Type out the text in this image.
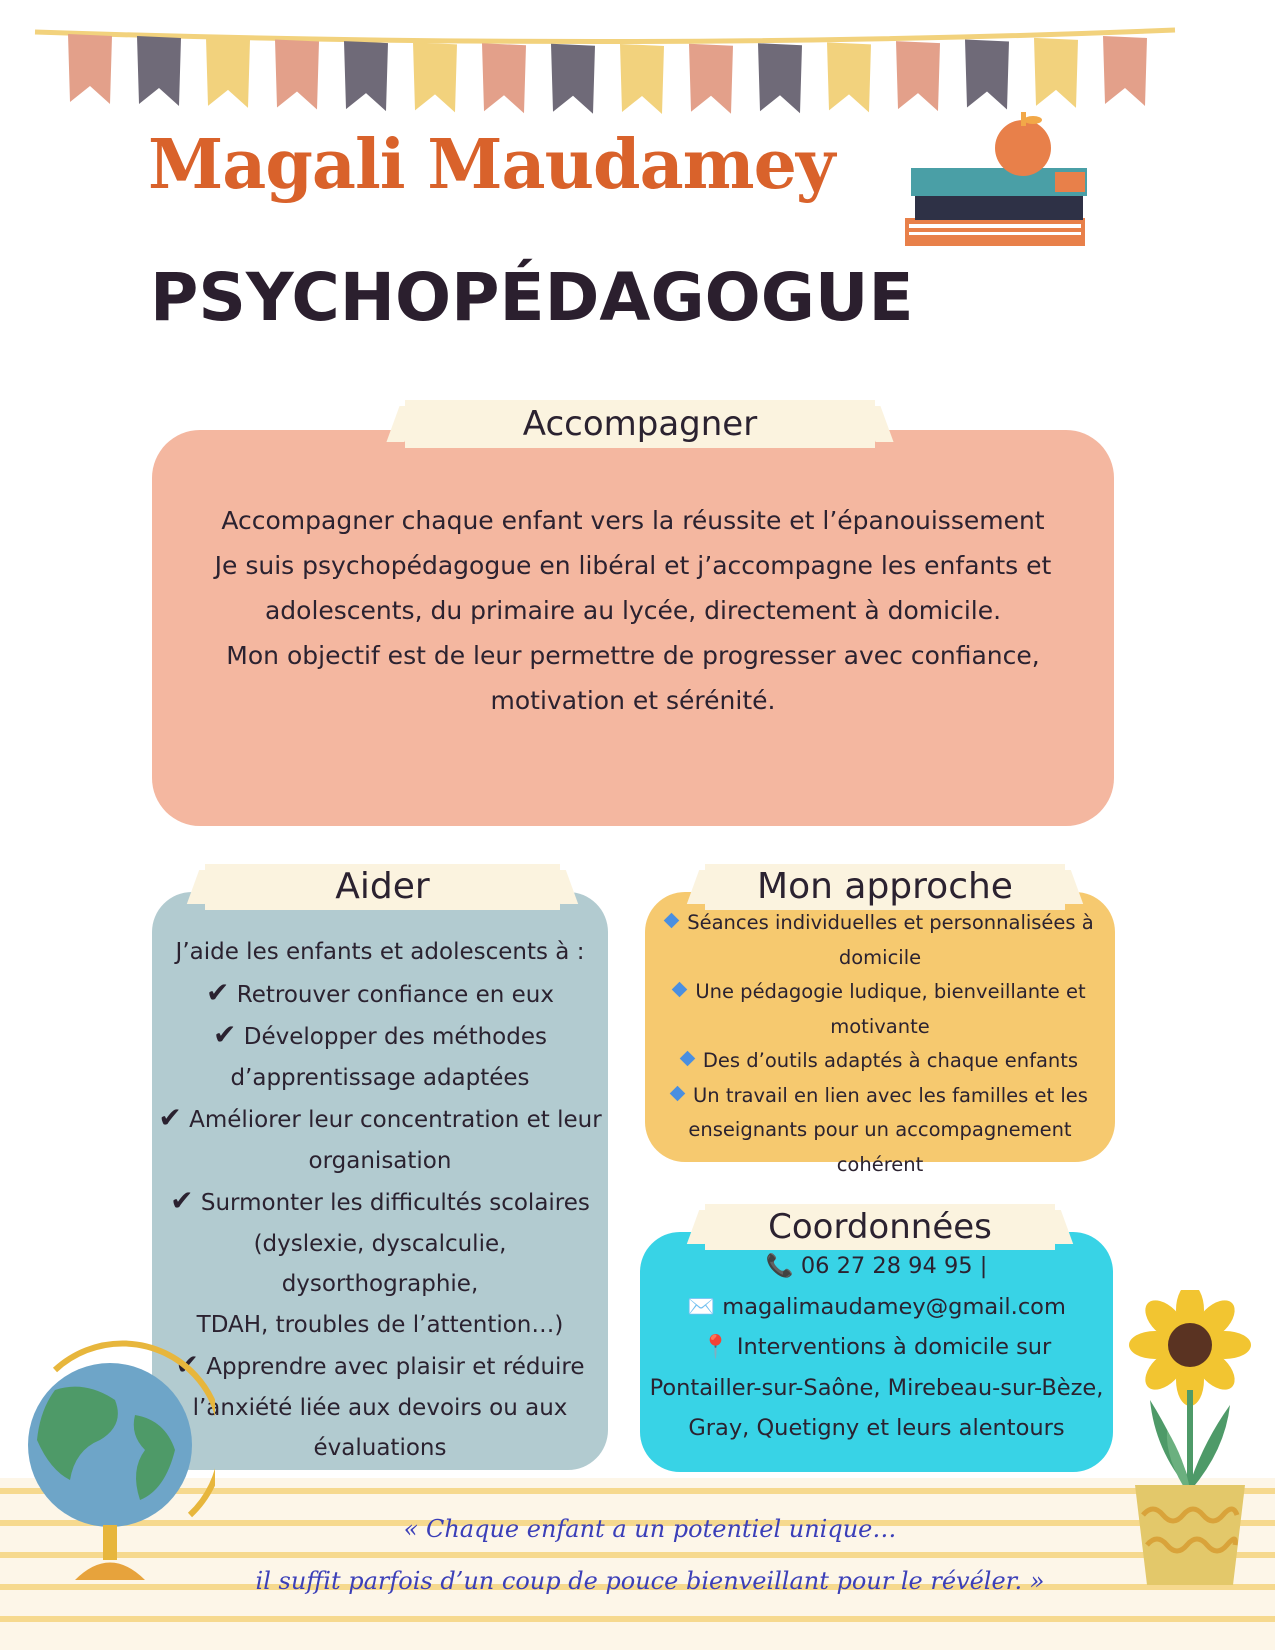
Magali Maudamey
PSYCHOPÉDAGOGUE
Accompagner
Accompagner chaque enfant vers la réussite et l’épanouissement
Je suis psychopédagogue en libéral et j’accompagne les enfants et
adolescents, du primaire au lycée, directement à domicile.
Mon objectif est de leur permettre de progresser avec confiance,
motivation et sérénité.
Aider
J’aide les enfants et adolescents à :
✔ Retrouver confiance en eux
✔ Développer des méthodes
d’apprentissage adaptées
✔ Améliorer leur concentration et leur
organisation
✔ Surmonter les difficultés scolaires
(dyslexie, dyscalculie, dysorthographie,
TDAH, troubles de l’attention…)
✔ Apprendre avec plaisir et réduire
l’anxiété liée aux devoirs ou aux
évaluations
Mon approche
Séances individuelles et personnalisées à
domicile
Une pédagogie ludique, bienveillante et
motivante
Des d’outils adaptés à chaque enfants
Un travail en lien avec les familles et les
enseignants pour un accompagnement cohérent
Coordonnées
📞 06 27 28 94 95 |
✉️ magalimaudamey@gmail.com
📍 Interventions à domicile sur
Pontailler-sur-Saône, Mirebeau-sur-Bèze,
Gray, Quetigny et leurs alentours
« Chaque enfant a un potentiel unique…
il suffit parfois d’un coup de pouce bienveillant pour le révéler. »
